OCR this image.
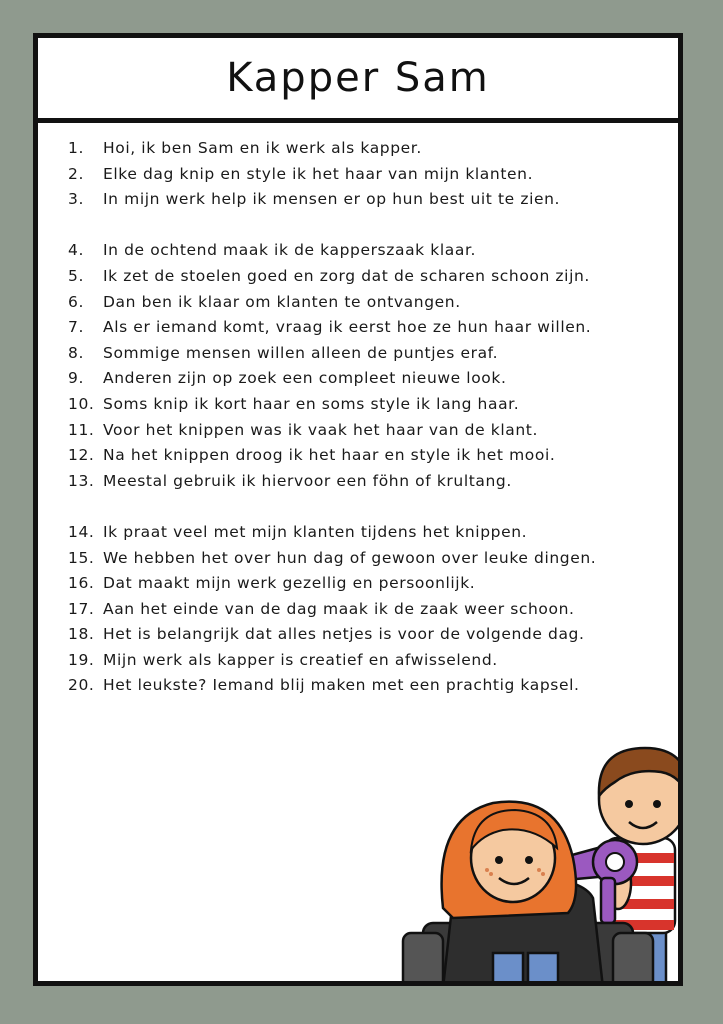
Kapper Sam
1.	Hoi, ik ben Sam en ik werk als kapper.
2.	Elke dag knip en style ik het haar van mijn klanten.
3.	In mijn werk help ik mensen er op hun best uit te zien.
4.	In de ochtend maak ik de kapperszaak klaar.
5.	Ik zet de stoelen goed en zorg dat de scharen schoon zijn.
6.	Dan ben ik klaar om klanten te ontvangen.
7.	Als er iemand komt, vraag ik eerst hoe ze hun haar willen.
8.	Sommige mensen willen alleen de puntjes eraf.
9.	Anderen zijn op zoek een compleet nieuwe look.
10. Soms knip ik kort haar en soms style ik lang haar.
11. Voor het knippen was ik vaak het haar van de klant.
12. Na het knippen droog ik het haar en style ik het mooi.
13. Meestal gebruik ik hiervoor een föhn of krultang.
14. Ik praat veel met mijn klanten tijdens het knippen.
15. We hebben het over hun dag of gewoon over leuke dingen.
16. Dat maakt mijn werk gezellig en persoonlijk.
17. Aan het einde van de dag maak ik de zaak weer schoon.
18. Het is belangrijk dat alles netjes is voor de volgende dag.
19. Mijn werk als kapper is creatief en afwisselend.
20. Het leukste? Iemand blij maken met een prachtig kapsel.
